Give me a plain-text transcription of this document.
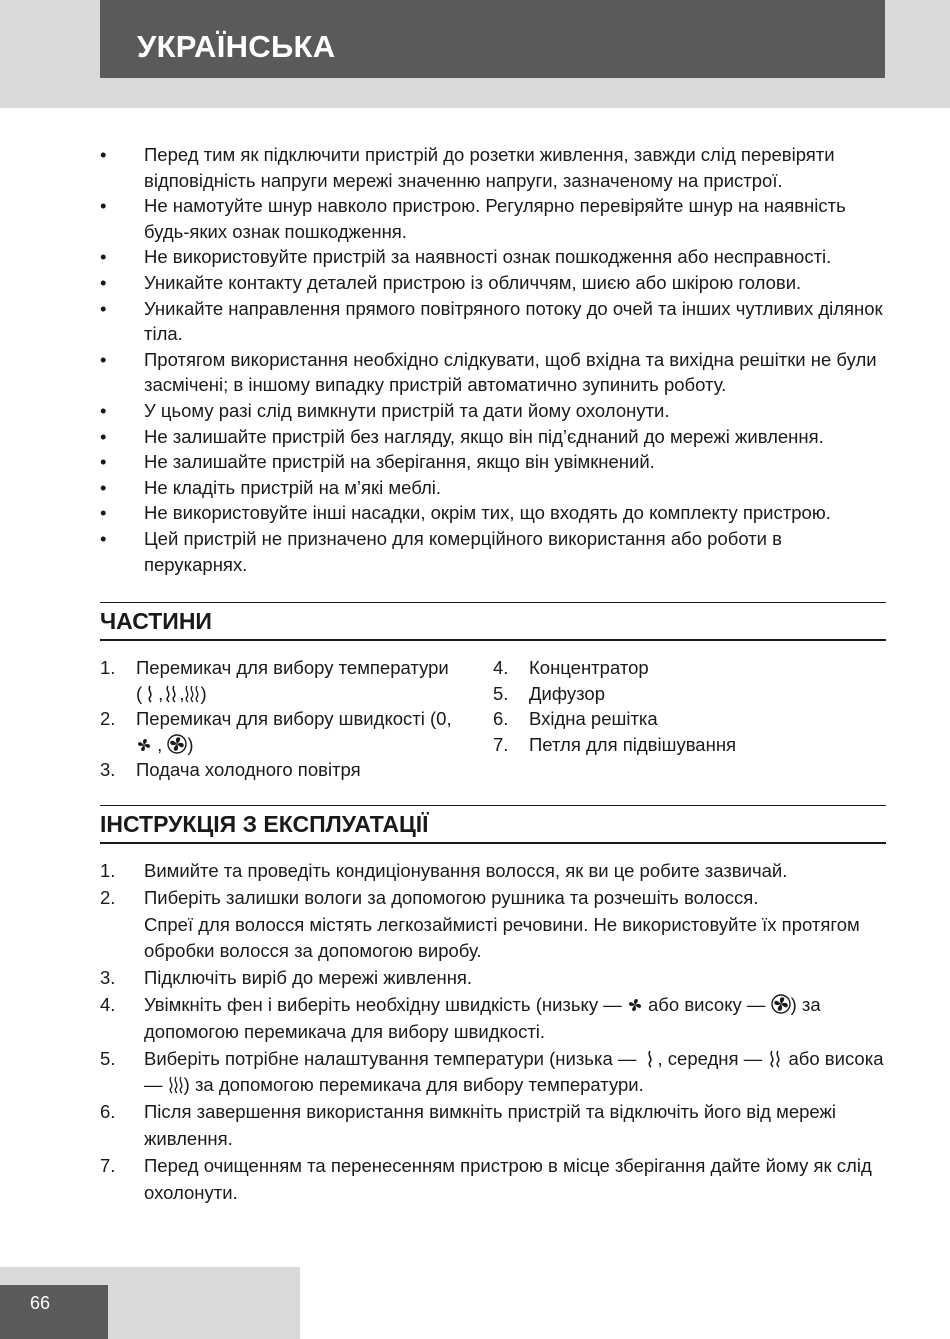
УКРАЇНСЬКА
• Перед тим як підключити пристрій до розетки живлення, завжди слід перевіряти відповідність напруги мережі значенню напруги, зазначеному на пристрої.
• Не намотуйте шнур навколо пристрою. Регулярно перевіряйте шнур на наявність будь-яких ознак пошкодження.
• Не використовуйте пристрій за наявності ознак пошкодження або несправності.
• Уникайте контакту деталей пристрою із обличчям, шиєю або шкірою голови.
• Уникайте направлення прямого повітряного потоку до очей та інших чутливих ділянок тіла.
• Протягом використання необхідно слідкувати, щоб вхідна та вихідна решітки не були засмічені; в іншому випадку пристрій автоматично зупинить роботу.
• У цьому разі слід вимкнути пристрій та дати йому охолонути.
• Не залишайте пристрій без нагляду, якщо він під’єднаний до мережі живлення.
• Не залишайте пристрій на зберігання, якщо він увімкнений.
• Не кладіть пристрій на м’які меблі.
• Не використовуйте інші насадки, окрім тих, що входять до комплекту пристрою.
• Цей пристрій не призначено для комерційного використання або роботи в перукарнях.
ЧАСТИНИ
1. Перемикач для вибору температури
( , , )
2. Перемикач для вибору швидкості (0,
, )
3. Подача холодного повітря
4. Концентратор
5. Дифузор
6. Вхідна решітка
7. Петля для підвішування
ІНСТРУКЦІЯ З ЕКСПЛУАТАЦІЇ
1. Вимийте та проведіть кондиціонування волосся, як ви це робите зазвичай.
2. Пиберіть залишки вологи за допомогою рушника та розчешіть волосся.
Спреї для волосся містять легкозаймисті речовини. Не використовуйте їх протягом обробки волосся за допомогою виробу.
3. Підключіть виріб до мережі живлення.
4. Увімкніть фен і виберіть необхідну швидкість (низьку — або високу — ) за допомогою перемикача для вибору швидкості.
5. Виберіть потрібне налаштування температури (низька — , середня — або висока — ) за допомогою перемикача для вибору температури.
6. Після завершення використання вимкніть пристрій та відключіть його від мережі живлення.
7. Перед очищенням та перенесенням пристрою в місце зберігання дайте йому як слід охолонути.
66
